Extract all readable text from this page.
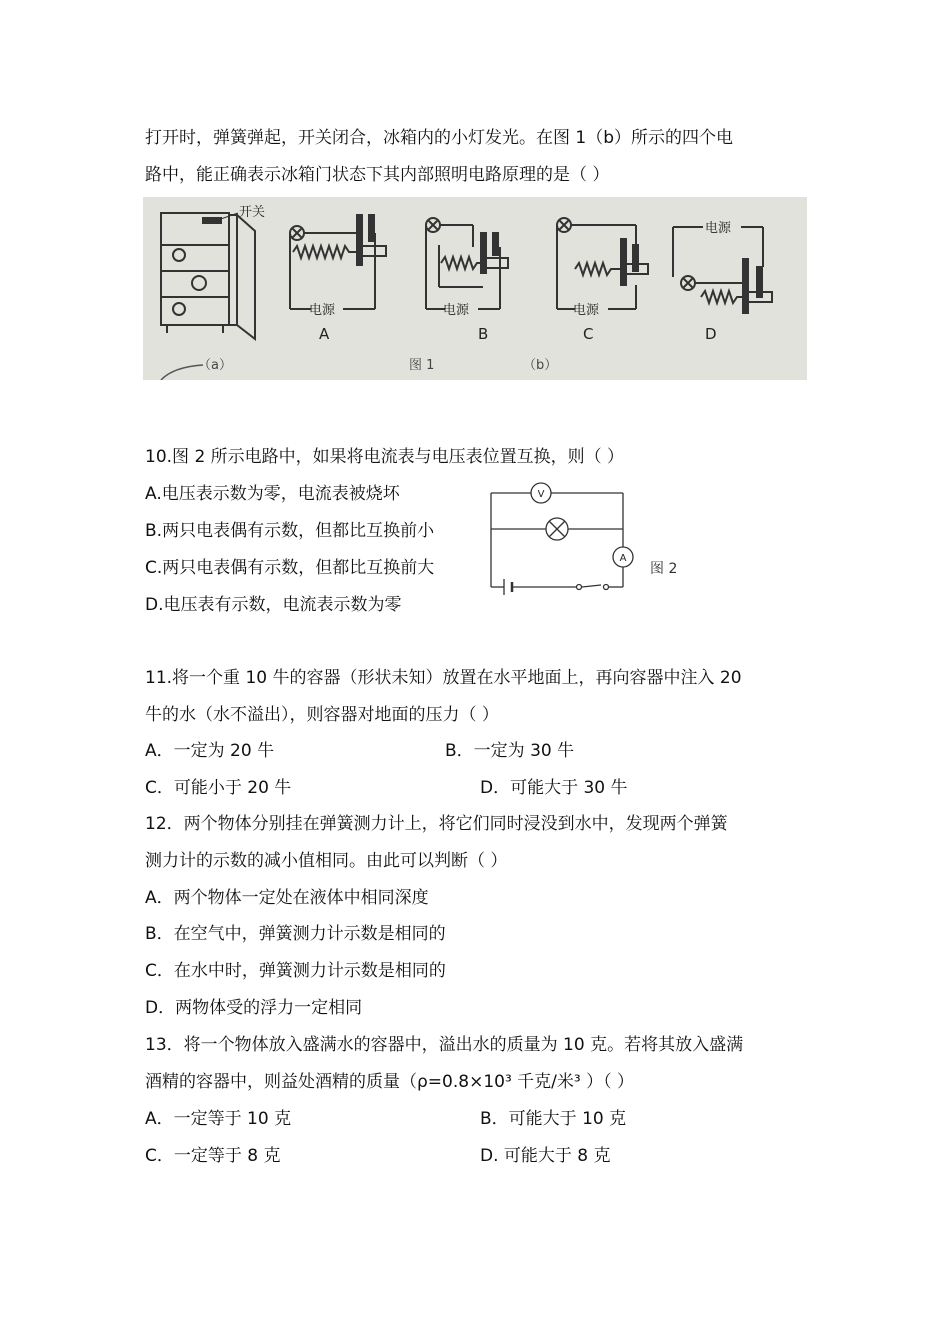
打开时，弹簧弹起，开关闭合，冰箱内的小灯发光。在图 1（b）所示的四个电
路中，能正确表示冰箱门状态下其内部照明电路原理的是（ ）
开关
电源
A
电源
B
电源
C
电源
D
（a）	图 1	（b）
10.图 2 所示电路中，如果将电流表与电压表位置互换，则（ ）
A.电压表示数为零，电流表被烧坏
B.两只电表偶有示数，但都比互换前小
C.两只电表偶有示数，但都比互换前大
D.电压表有示数，电流表示数为零
V
A
图 2
11.将一个重 10 牛的容器（形状未知）放置在水平地面上，再向容器中注入 20
牛的水（水不溢出），则容器对地面的压力（ ）
A．一定为 20 牛	B．一定为 30 牛
C．可能小于 20 牛	D．可能大于 30 牛
12．两个物体分别挂在弹簧测力计上，将它们同时浸没到水中，发现两个弹簧
测力计的示数的减小值相同。由此可以判断（ ）
A．两个物体一定处在液体中相同深度
B．在空气中，弹簧测力计示数是相同的
C．在水中时，弹簧测力计示数是相同的
D．两物体受的浮力一定相同
13．将一个物体放入盛满水的容器中，溢出水的质量为 10 克。若将其放入盛满
酒精的容器中，则益处酒精的质量（ρ=0.8×10³ 千克/米³ ）（ ）
A．一定等于 10 克	B．可能大于 10 克
C．一定等于 8 克	D. 可能大于 8 克
